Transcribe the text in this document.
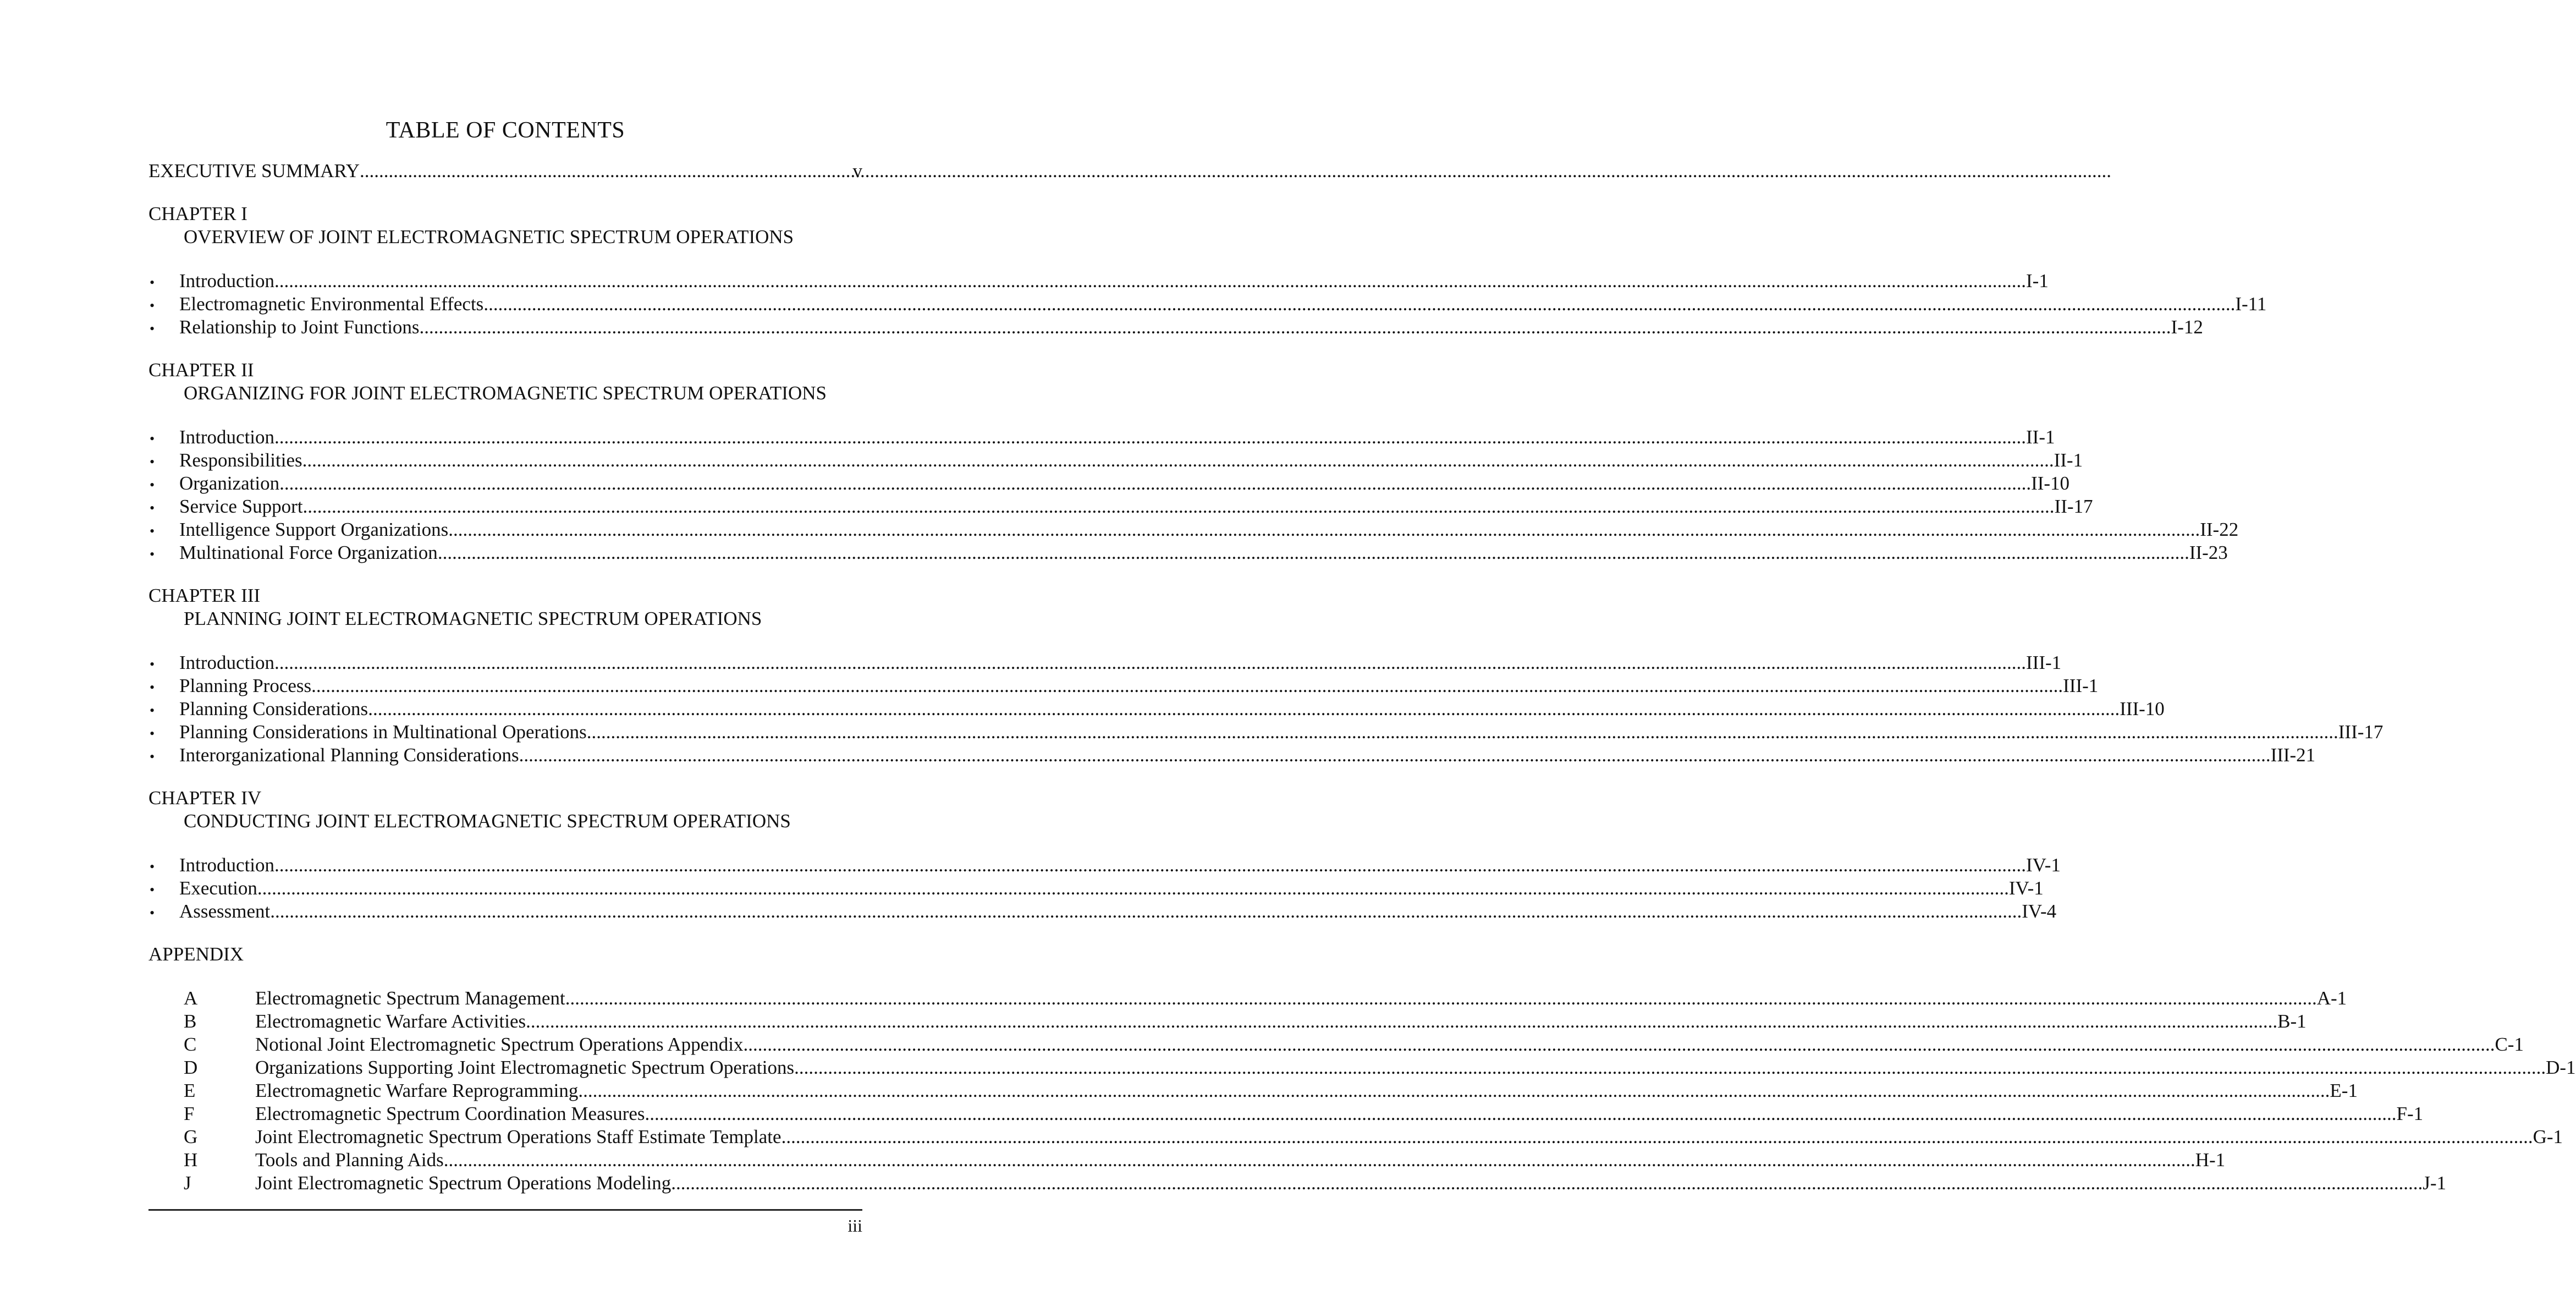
TABLE OF CONTENTS
EXECUTIVE SUMMARY .....	v
CHAPTER I
OVERVIEW OF JOINT ELECTROMAGNETIC SPECTRUM OPERATIONS
•	Introduction .....	I-1
•	Electromagnetic Environmental Effects .....	I-11
•	Relationship to Joint Functions .....	I-12
CHAPTER II
ORGANIZING FOR JOINT ELECTROMAGNETIC SPECTRUM OPERATIONS
•	Introduction .....	II-1
•	Responsibilities .....	II-1
•	Organization .....	II-10
•	Service Support .....	II-17
•	Intelligence Support Organizations .....	II-22
•	Multinational Force Organization .....	II-23
CHAPTER III
PLANNING JOINT ELECTROMAGNETIC SPECTRUM OPERATIONS
•	Introduction .....	III-1
•	Planning Process .....	III-1
•	Planning Considerations .....	III-10
•	Planning Considerations in Multinational Operations .....	III-17
•	Interorganizational Planning Considerations .....	III-21
CHAPTER IV
CONDUCTING JOINT ELECTROMAGNETIC SPECTRUM OPERATIONS
•	Introduction .....	IV-1
•	Execution .....	IV-1
•	Assessment .....	IV-4
APPENDIX
A	Electromagnetic Spectrum Management .....	A-1
B	Electromagnetic Warfare Activities .....	B-1
C	Notional Joint Electromagnetic Spectrum Operations Appendix .....	C-1
D	Organizations Supporting Joint Electromagnetic Spectrum Operations .....	D-1
E	Electromagnetic Warfare Reprogramming .....	E-1
F	Electromagnetic Spectrum Coordination Measures .....	F-1
G	Joint Electromagnetic Spectrum Operations Staff Estimate Template .....	G-1
H	Tools and Planning Aids .....	H-1
J	Joint Electromagnetic Spectrum Operations Modeling .....	J-1
iii
